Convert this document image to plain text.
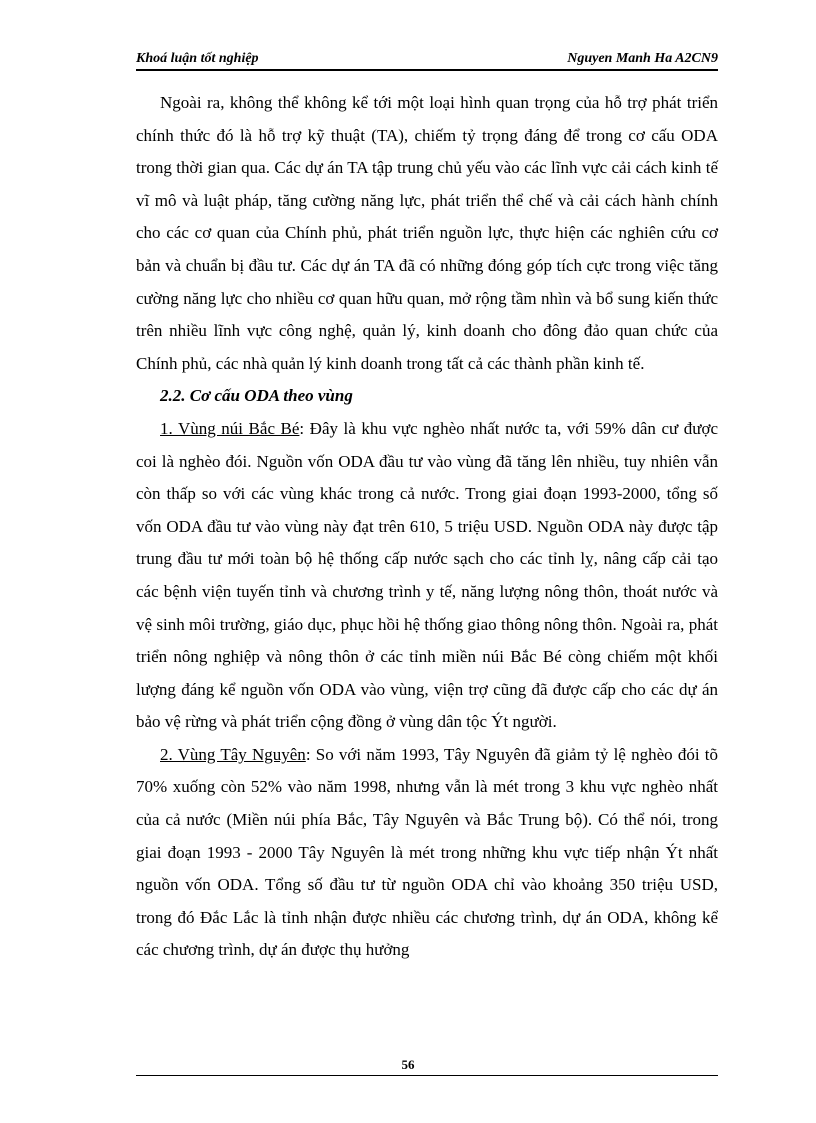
Khoá luận tốt nghiệp	Nguyen Manh Ha A2CN9

Ngoài ra, không thể không kể tới một loại hình quan trọng của hỗ trợ phát triển chính thức đó là hỗ trợ kỹ thuật (TA), chiếm tỷ trọng đáng để trong cơ cấu ODA trong thời gian qua. Các dự án TA tập trung chủ yếu vào các lĩnh vực cải cách kinh tế vĩ mô và luật pháp, tăng cường năng lực, phát triển thể chế và cải cách hành chính cho các cơ quan của Chính phủ, phát triển nguồn lực, thực hiện các nghiên cứu cơ bản và chuẩn bị đầu tư. Các dự án TA đã có những đóng góp tích cực trong việc tăng cường năng lực cho nhiều cơ quan hữu quan, mở rộng tầm nhìn và bổ sung kiến thức trên nhiều lĩnh vực công nghệ, quản lý, kinh doanh cho đông đảo quan chức của Chính phủ, các nhà quản lý kinh doanh trong tất cả các thành phần kinh tế.

2.2. Cơ cấu ODA theo vùng

1. Vùng núi Bắc Bé: Đây là khu vực nghèo nhất nước ta, với 59% dân cư được coi là nghèo đói. Nguồn vốn ODA đầu tư vào vùng đã tăng lên nhiều, tuy nhiên vẫn còn thấp so với các vùng khác trong cả nước. Trong giai đoạn 1993-2000, tổng số vốn ODA đầu tư vào vùng này đạt trên 610, 5 triệu USD. Nguồn ODA này được tập trung đầu tư mới toàn bộ hệ thống cấp nước sạch cho các tỉnh lỵ, nâng cấp cải tạo các bệnh viện tuyến tỉnh và chương trình y tế, năng lượng nông thôn, thoát nước và vệ sinh môi trường, giáo dục, phục hồi hệ thống giao thông nông thôn. Ngoài ra, phát triển nông nghiệp và nông thôn ở các tỉnh miền núi Bắc Bé còng chiếm một khối lượng đáng kể nguồn vốn ODA vào vùng, viện trợ cũng đã được cấp cho các dự án bảo vệ rừng và phát triển cộng đồng ở vùng dân tộc Ýt người.

2. Vùng Tây Nguyên: So với năm 1993, Tây Nguyên đã giảm tỷ lệ nghèo đói tõ 70% xuống còn 52% vào năm 1998, nhưng vẫn là mét trong 3 khu vực nghèo nhất của cả nước (Miền núi phía Bắc, Tây Nguyên và Bắc Trung bộ). Có thể nói, trong giai đoạn 1993 - 2000 Tây Nguyên là mét trong những khu vực tiếp nhận Ýt nhất nguồn vốn ODA. Tổng số đầu tư từ nguồn ODA chỉ vào khoảng 350 triệu USD, trong đó Đắc Lắc là tỉnh nhận được nhiều các chương trình, dự án ODA, không kể các chương trình, dự án được thụ hưởng

56
